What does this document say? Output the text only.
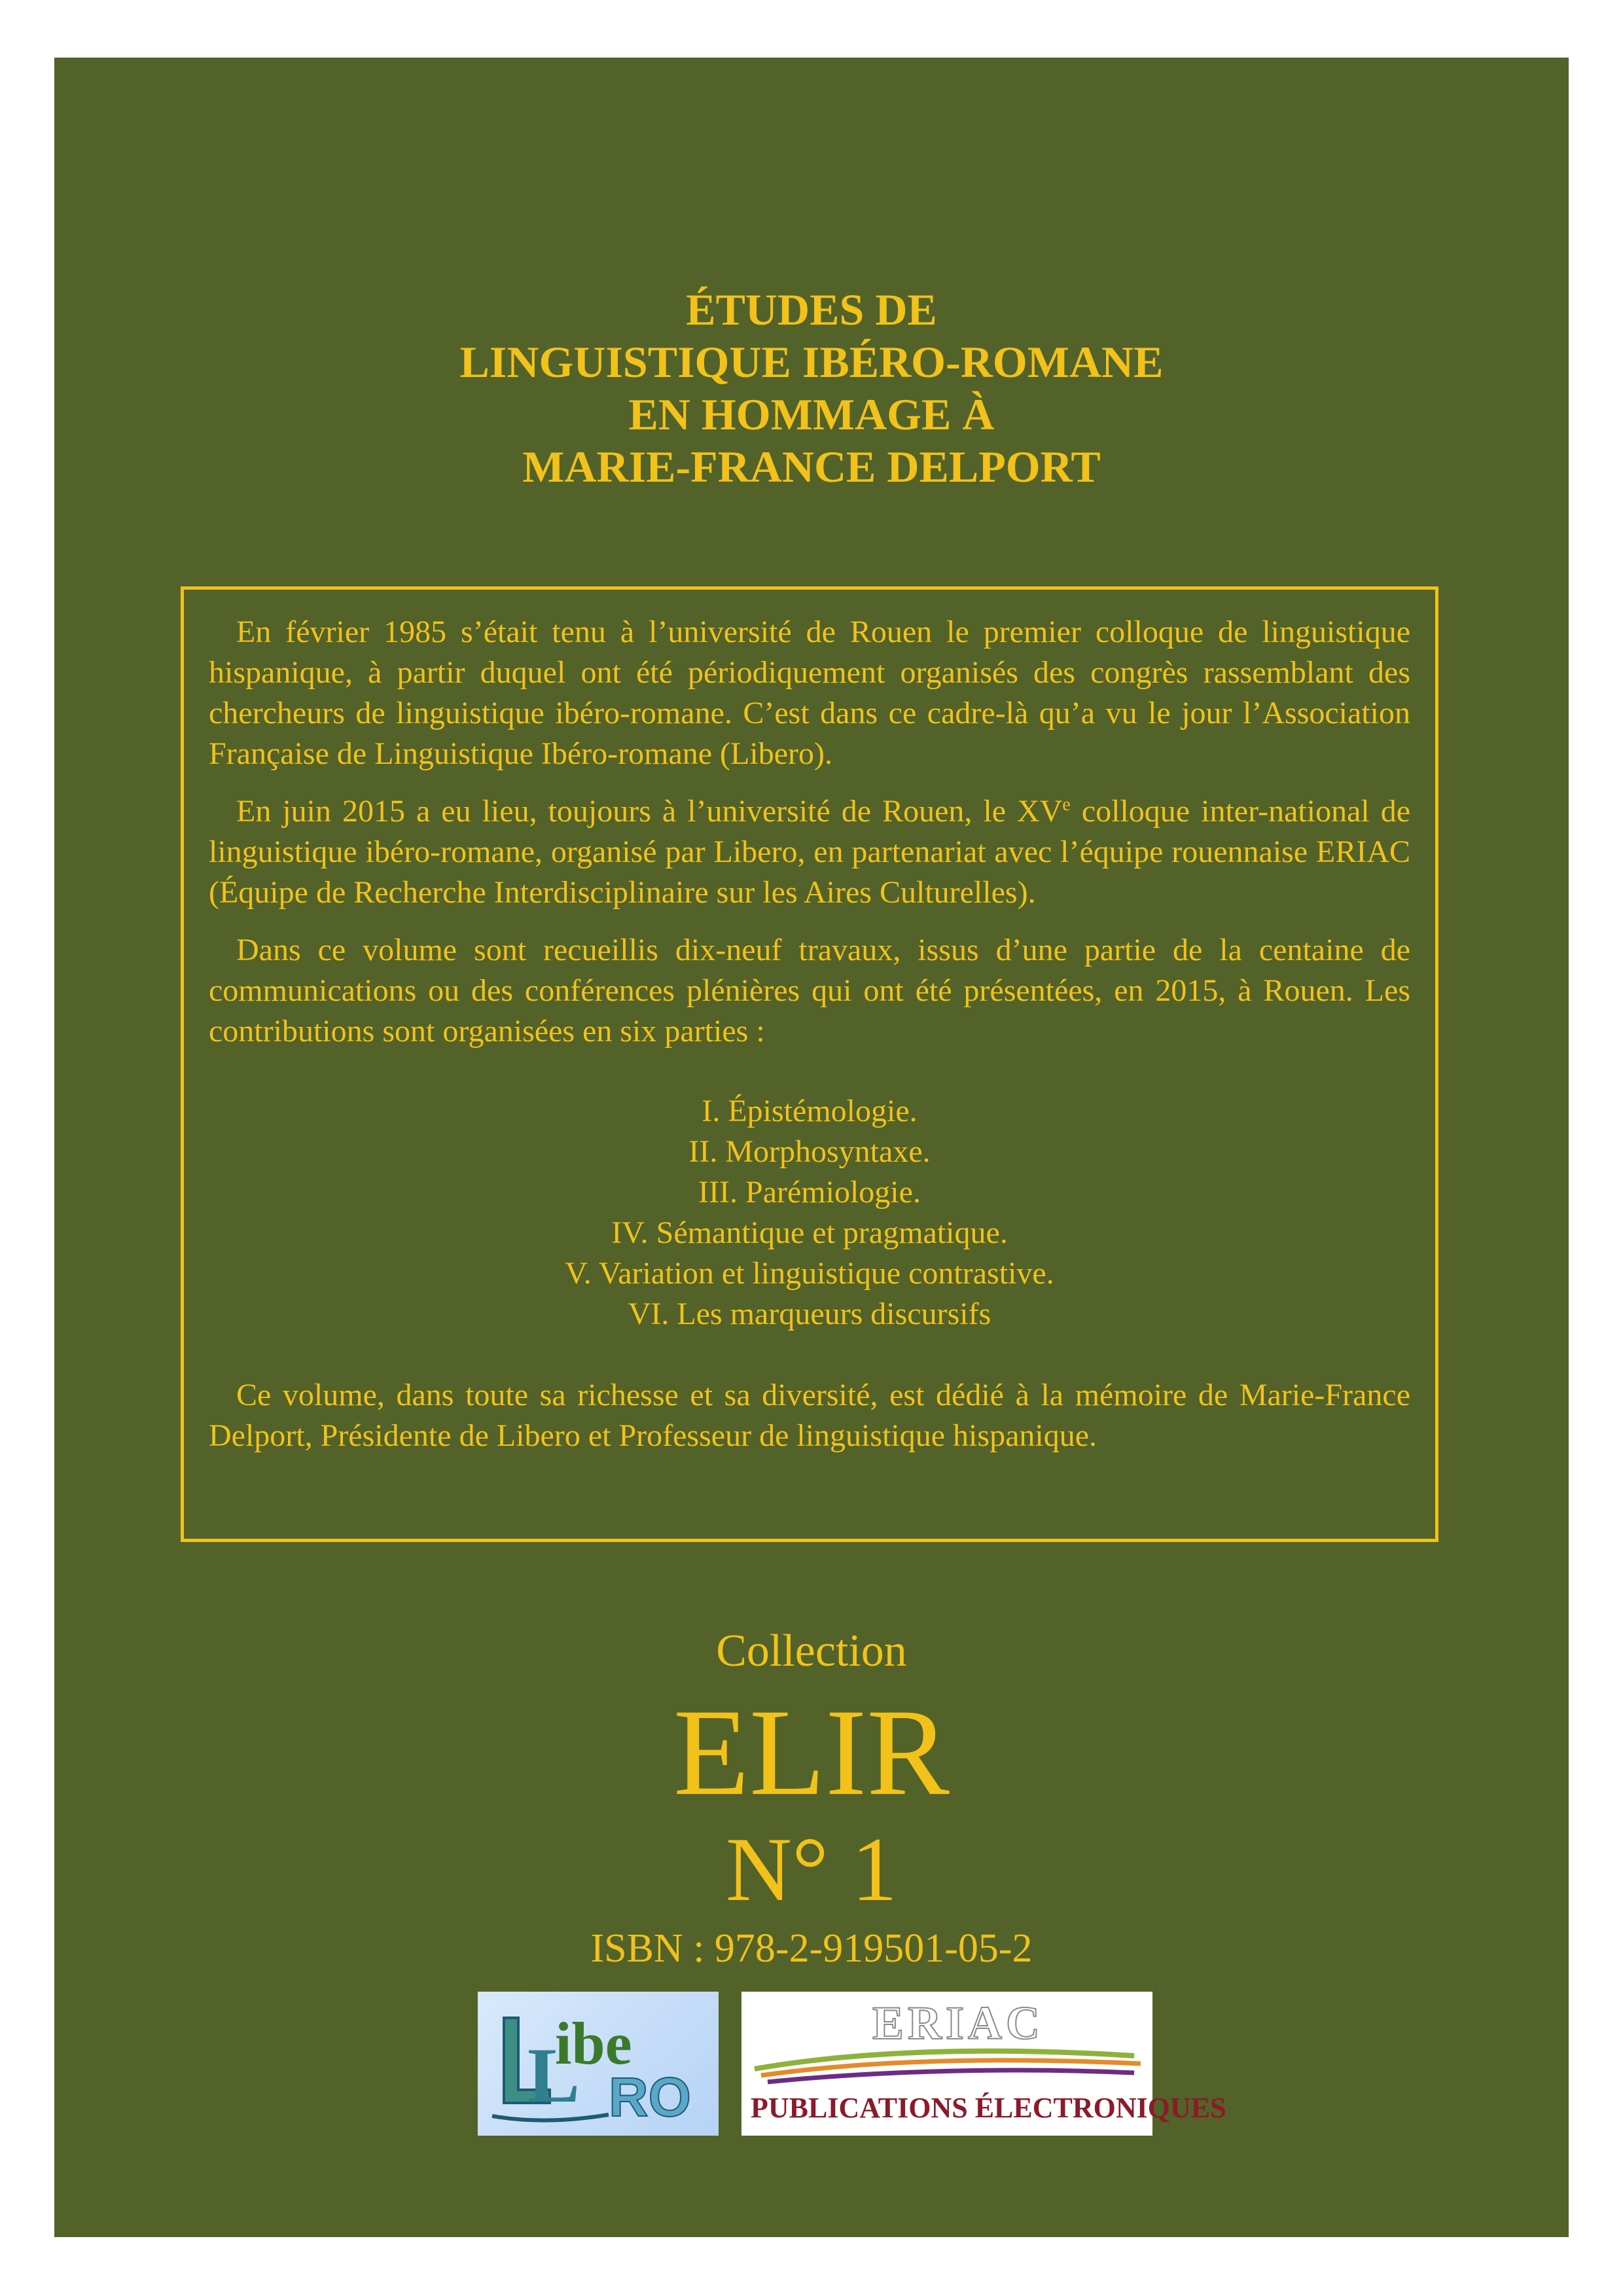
ÉTUDES DE
LINGUISTIQUE IBÉRO-ROMANE
EN HOMMAGE À
MARIE-FRANCE DELPORT

En février 1985 s’était tenu à l’université de Rouen le premier colloque de linguistique hispanique, à partir duquel ont été périodiquement organisés des congrès rassemblant des chercheurs de linguistique ibéro-romane. C’est dans ce cadre-là qu’a vu le jour l’Association Française de Linguistique Ibéro-romane (Libero).

En juin 2015 a eu lieu, toujours à l’université de Rouen, le XVe colloque inter-national de linguistique ibéro-romane, organisé par Libero, en partenariat avec l’équipe rouennaise ERIAC (Équipe de Recherche Interdisciplinaire sur les Aires Culturelles).

Dans ce volume sont recueillis dix-neuf travaux, issus d’une partie de la centaine de communications ou des conférences plénières qui ont été présentées, en 2015, à Rouen. Les contributions sont organisées en six parties :

I. Épistémologie.
II. Morphosyntaxe.
III. Parémiologie.
IV. Sémantique et pragmatique.
V. Variation et linguistique contrastive.
VI. Les marqueurs discursifs

Ce volume, dans toute sa richesse et sa diversité, est dédié à la mémoire de Marie-France Delport, Présidente de Libero et Professeur de linguistique hispanique.

Collection
ELIR
N° 1
ISBN : 978-2-919501-05-2
L
ibe
RO
ERIAC
PUBLICATIONS ÉLECTRONIQUES
